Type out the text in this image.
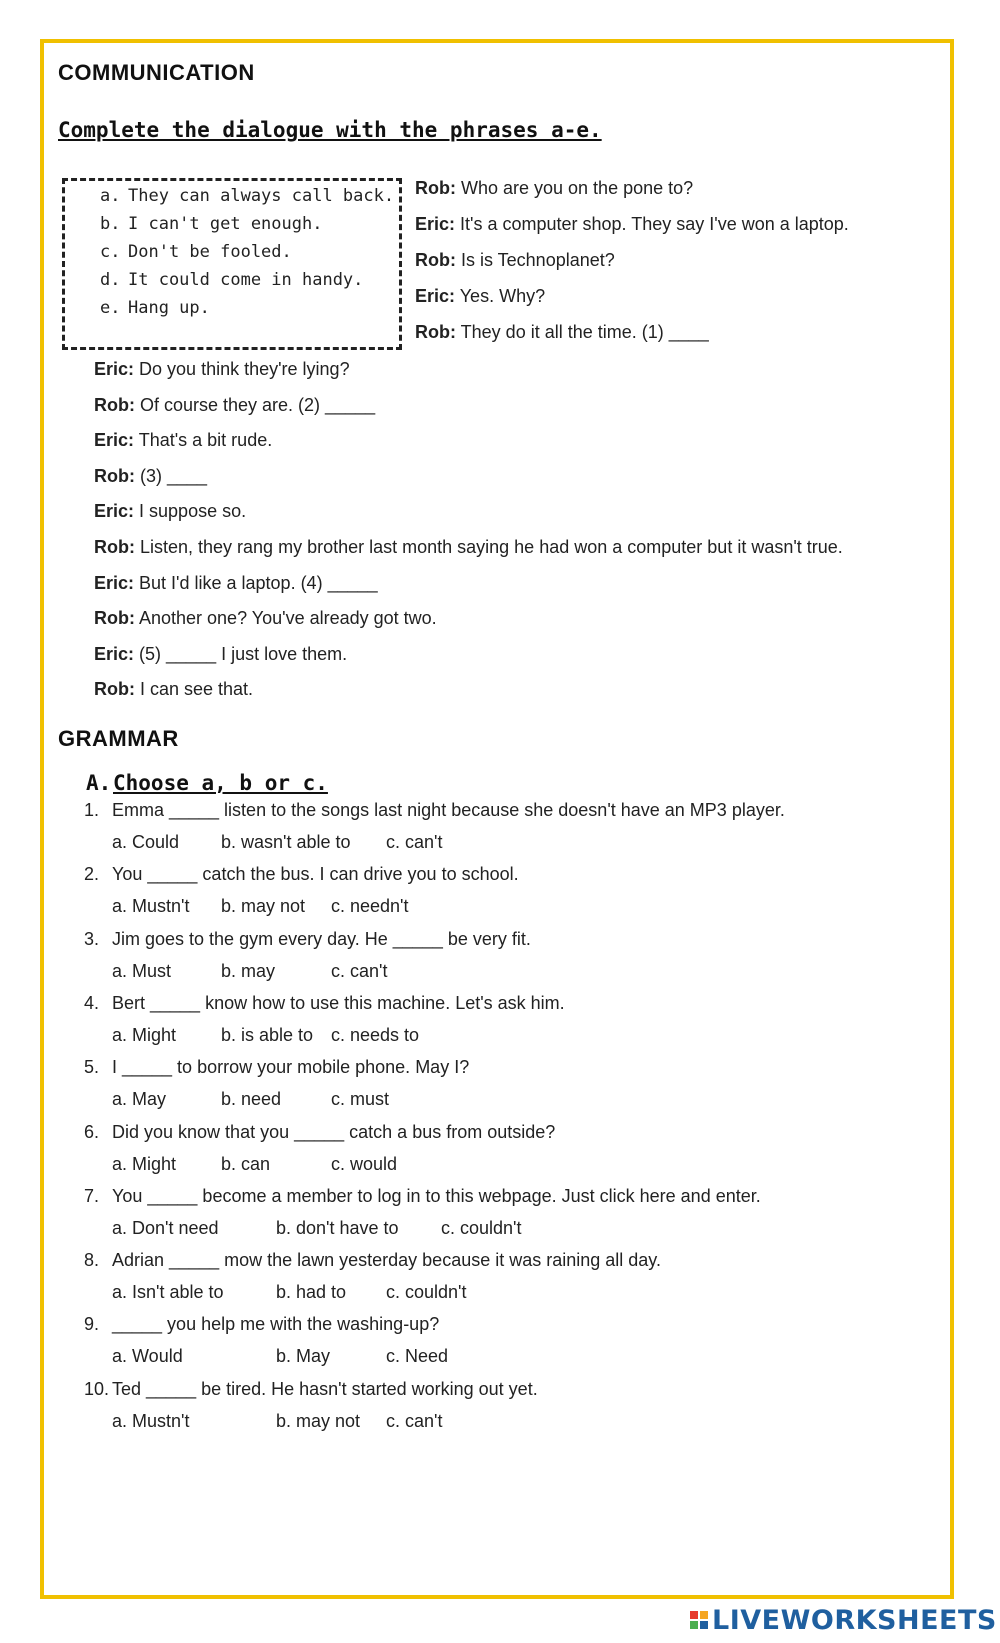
COMMUNICATION
Complete the dialogue with the phrases a-e.
a. They can always call back.
b. I can't get enough.
c. Don't be fooled.
d. It could come in handy.
e. Hang up.
Rob: Who are you on the pone to?
Eric: It's a computer shop. They say I've won a laptop.
Rob: Is is Technoplanet?
Eric: Yes. Why?
Rob: They do it all the time. (1) ____
Eric: Do you think they're lying?
Rob: Of course they are. (2) _____
Eric: That's a bit rude.
Rob: (3) ____
Eric: I suppose so.
Rob: Listen, they rang my brother last month saying he had won a computer but it wasn't true.
Eric: But I'd like a laptop. (4) _____
Rob: Another one? You've already got two.
Eric: (5) _____ I just love them.
Rob: I can see that.
GRAMMAR
A. Choose a, b or c.
1. Emma _____ listen to the songs last night because she doesn't have an MP3 player.
a. Could b. wasn't able to c. can't
2. You _____ catch the bus. I can drive you to school.
a. Mustn't b. may not c. needn't
3. Jim goes to the gym every day. He _____ be very fit.
a. Must	b. may	c. can't
4. Bert _____ know how to use this machine. Let's ask him.
a. Might b. is able to c. needs to
5. I _____ to borrow your mobile phone. May I?
a. May	b. need	c. must
6. Did you know that you _____ catch a bus from outside?
a. Might b. can	c. would
7. You _____ become a member to log in to this webpage. Just click here and enter.
a. Don't need	b. don't have to c. couldn't
8. Adrian _____ mow the lawn yesterday because it was raining all day.
a. Isn't able to	b. had to c. couldn't
9. _____ you help me with the washing-up?
a. Would	b. May	c. Need
10. Ted _____ be tired. He hasn't started working out yet.
a. Mustn't	b. may not c. can't
LIVEWORKSHEETS
